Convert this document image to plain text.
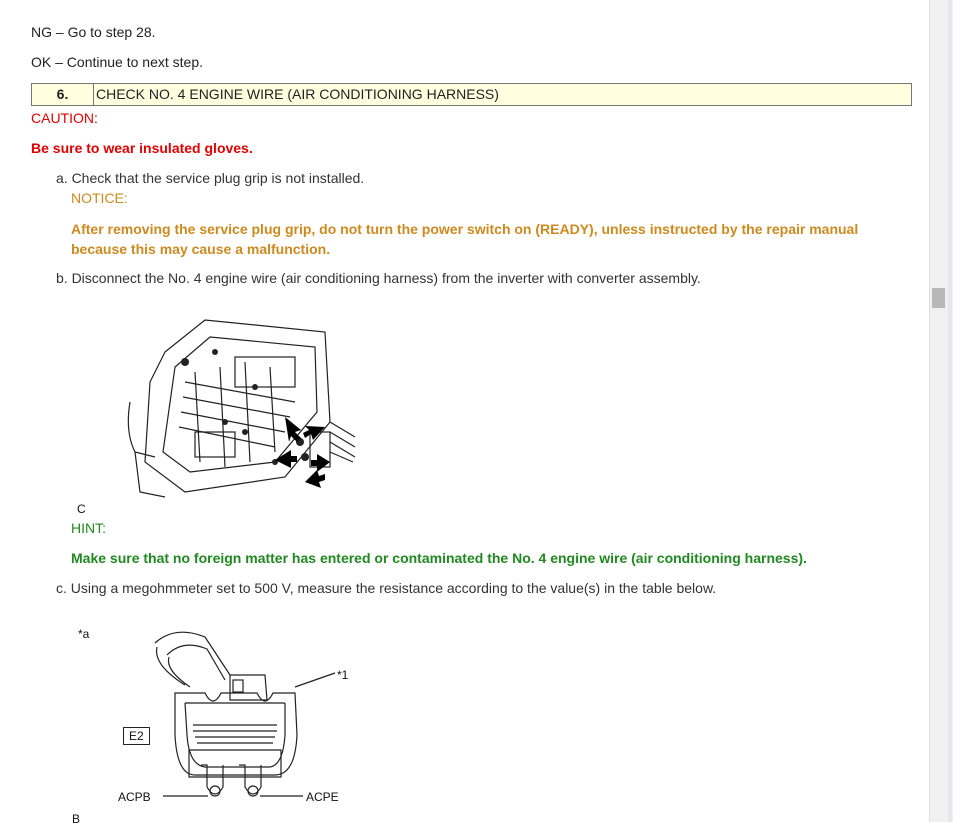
NG – Go to step 28.
OK – Continue to next step.
6.	CHECK NO. 4 ENGINE WIRE (AIR CONDITIONING HARNESS)
CAUTION:
Be sure to wear insulated gloves.
a. Check that the service plug grip is not installed.
NOTICE:
After removing the service plug grip, do not turn the power switch on (READY), unless instructed by the repair manual because this may cause a malfunction.
b. Disconnect the No. 4 engine wire (air conditioning harness) from the inverter with converter assembly.
C
HINT:
Make sure that no foreign matter has entered or contaminated the No. 4 engine wire (air conditioning harness).
c. Using a megohmmeter set to 500 V, measure the resistance according to the value(s) in the table below.
*a
*1
E2
ACPB	ACPE
B
